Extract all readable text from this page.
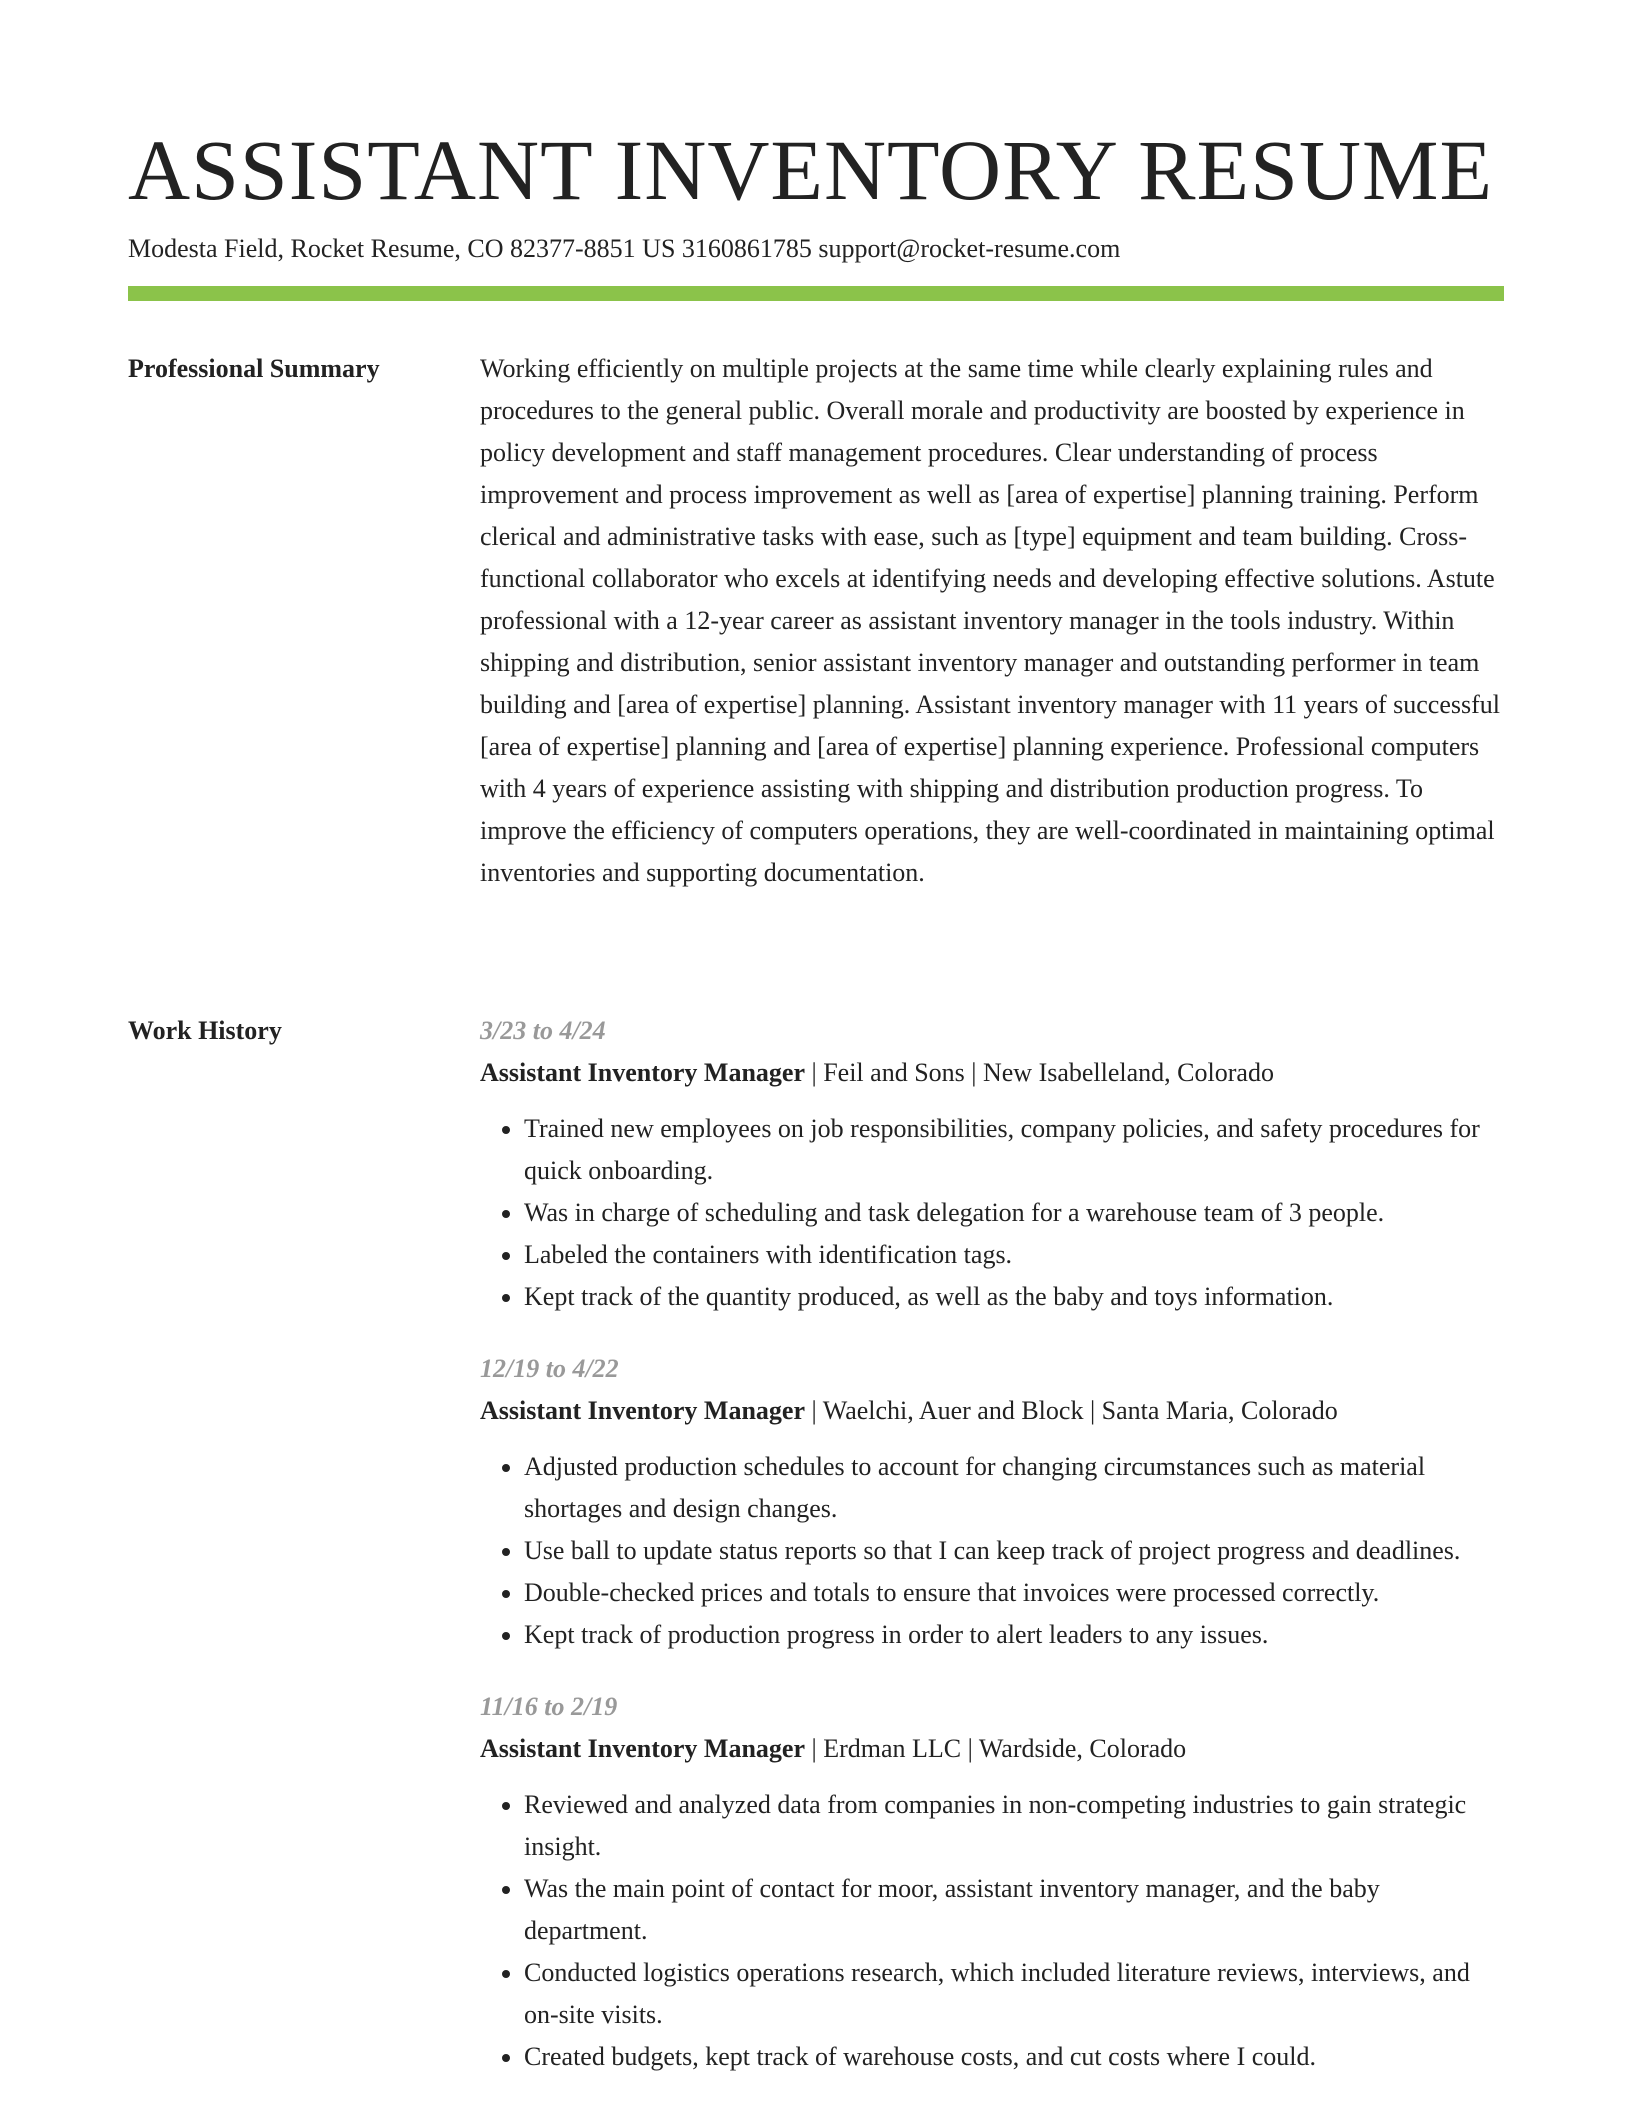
ASSISTANT INVENTORY RESUME
Modesta Field, Rocket Resume, CO 82377-8851 US 3160861785 support@rocket-resume.com
Professional Summary	Working efficiently on multiple projects at the same time while clearly explaining rules and procedures to the general public. Overall morale and productivity are boosted by experience in policy development and staff management procedures. Clear understanding of process improvement and process improvement as well as [area of expertise] planning training. Perform clerical and administrative tasks with ease, such as [type] equipment and team building. Cross-functional collaborator who excels at identifying needs and developing effective solutions. Astute professional with a 12-year career as assistant inventory manager in the tools industry. Within shipping and distribution, senior assistant inventory manager and outstanding performer in team building and [area of expertise] planning. Assistant inventory manager with 11 years of successful [area of expertise] planning and [area of expertise] planning experience. Professional computers with 4 years of experience assisting with shipping and distribution production progress. To improve the efficiency of computers operations, they are well-coordinated in maintaining optimal inventories and supporting documentation.

Work History	3/23 to 4/24
Assistant Inventory Manager | Feil and Sons | New Isabelleland, Colorado
• Trained new employees on job responsibilities, company policies, and safety procedures for quick onboarding.
• Was in charge of scheduling and task delegation for a warehouse team of 3 people.
• Labeled the containers with identification tags.
• Kept track of the quantity produced, as well as the baby and toys information.
12/19 to 4/22
Assistant Inventory Manager | Waelchi, Auer and Block | Santa Maria, Colorado
• Adjusted production schedules to account for changing circumstances such as material shortages and design changes.
• Use ball to update status reports so that I can keep track of project progress and deadlines.
• Double-checked prices and totals to ensure that invoices were processed correctly.
• Kept track of production progress in order to alert leaders to any issues.
11/16 to 2/19
Assistant Inventory Manager | Erdman LLC | Wardside, Colorado
• Reviewed and analyzed data from companies in non-competing industries to gain strategic insight.
• Was the main point of contact for moor, assistant inventory manager, and the baby department.
• Conducted logistics operations research, which included literature reviews, interviews, and on-site visits.
• Created budgets, kept track of warehouse costs, and cut costs where I could.
